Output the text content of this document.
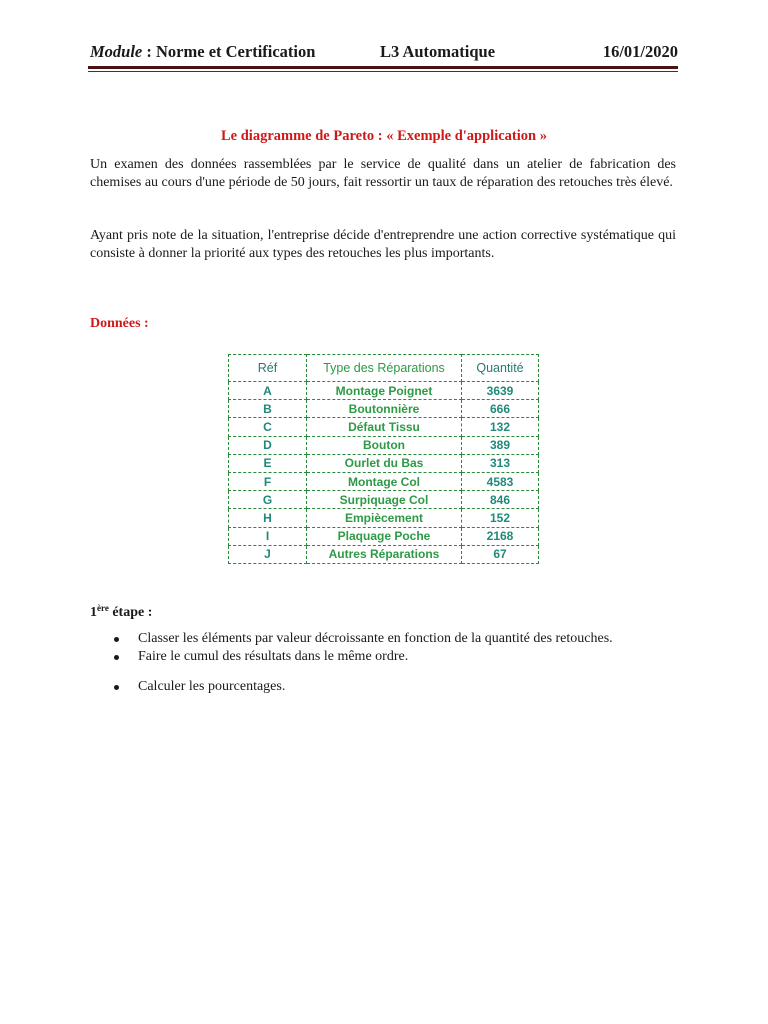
Module : Norme et Certification	L3 Automatique	16/01/2020
Le diagramme de Pareto : « Exemple d'application »

Un examen des données rassemblées par le service de qualité dans un atelier de fabrication des chemises au cours d'une période de 50 jours, fait ressortir un taux de réparation des retouches très élevé.

Ayant pris note de la situation, l'entreprise décide d'entreprendre une action corrective systématique qui consiste à donner la priorité aux types des retouches les plus importants.

Données :
Réf	Type des Réparations	Quantité
A	Montage Poignet	3639
B	Boutonnière	666
C	Défaut Tissu	132
D	Bouton	389
E	Ourlet du Bas	313
F	Montage Col	4583
G	Surpiquage Col	846
H	Empiècement	152
I	Plaquage Poche	2168
J	Autres Réparations	67
1ère étape :
Classer les éléments par valeur décroissante en fonction de la quantité des retouches.
Faire le cumul des résultats dans le même ordre.
Calculer les pourcentages.
